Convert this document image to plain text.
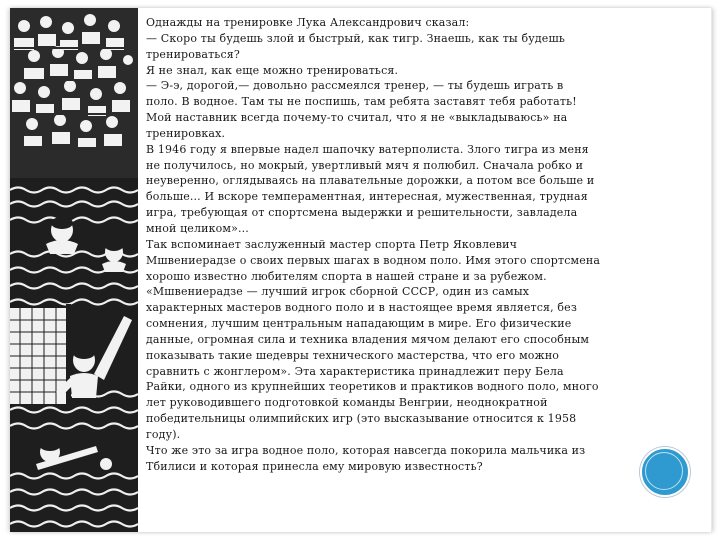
Однажды на тренировке Лука Александрович сказал:
— Скоро ты будешь злой и быстрый, как тигр. Знаешь, как ты будешь
тренироваться?
Я не знал, как еще можно тренироваться.
— Э-э, дорогой,— довольно рассмеялся тренер, — ты будешь играть в
поло. В водное. Там ты не поспишь, там ребята заставят тебя работать!
Мой наставник всегда почему-то считал, что я не «выкладываюсь» на
тренировках.
В 1946 году я впервые надел шапочку ватерполиста. Злого тигра из меня
не получилось, но мокрый, увертливый мяч я полюбил. Сначала робко и
неуверенно, оглядываясь на плавательные дорожки, а потом все больше и
больше... И вскоре темпераментная, интересная, мужественная, трудная
игра, требующая от спортсмена выдержки и решительности, завладела
мной целиком»...
Так вспоминает заслуженный мастер спорта Петр Яковлевич
Мшвениерадзе о своих первых шагах в водном поло. Имя этого спортсмена
хорошо известно любителям спорта в нашей стране и за рубежом.
«Мшвениерадзе — лучший игрок сборной СССР, один из самых
характерных мастеров водного поло и в настоящее время является, без
сомнения, лучшим центральным нападающим в мире. Его физические
данные, огромная сила и техника владения мячом делают его способным
показывать такие шедевры технического мастерства, что его можно
сравнить с жонглером». Эта характеристика принадлежит перу Бела
Райки, одного из крупнейших теоретиков и практиков водного поло, много
лет руководившего подготовкой команды Венгрии, неоднократной
победительницы олимпийских игр (это высказывание относится к 1958
году).
Что же это за игра водное поло, которая навсегда покорила мальчика из
Тбилиси и которая принесла ему мировую известность?
